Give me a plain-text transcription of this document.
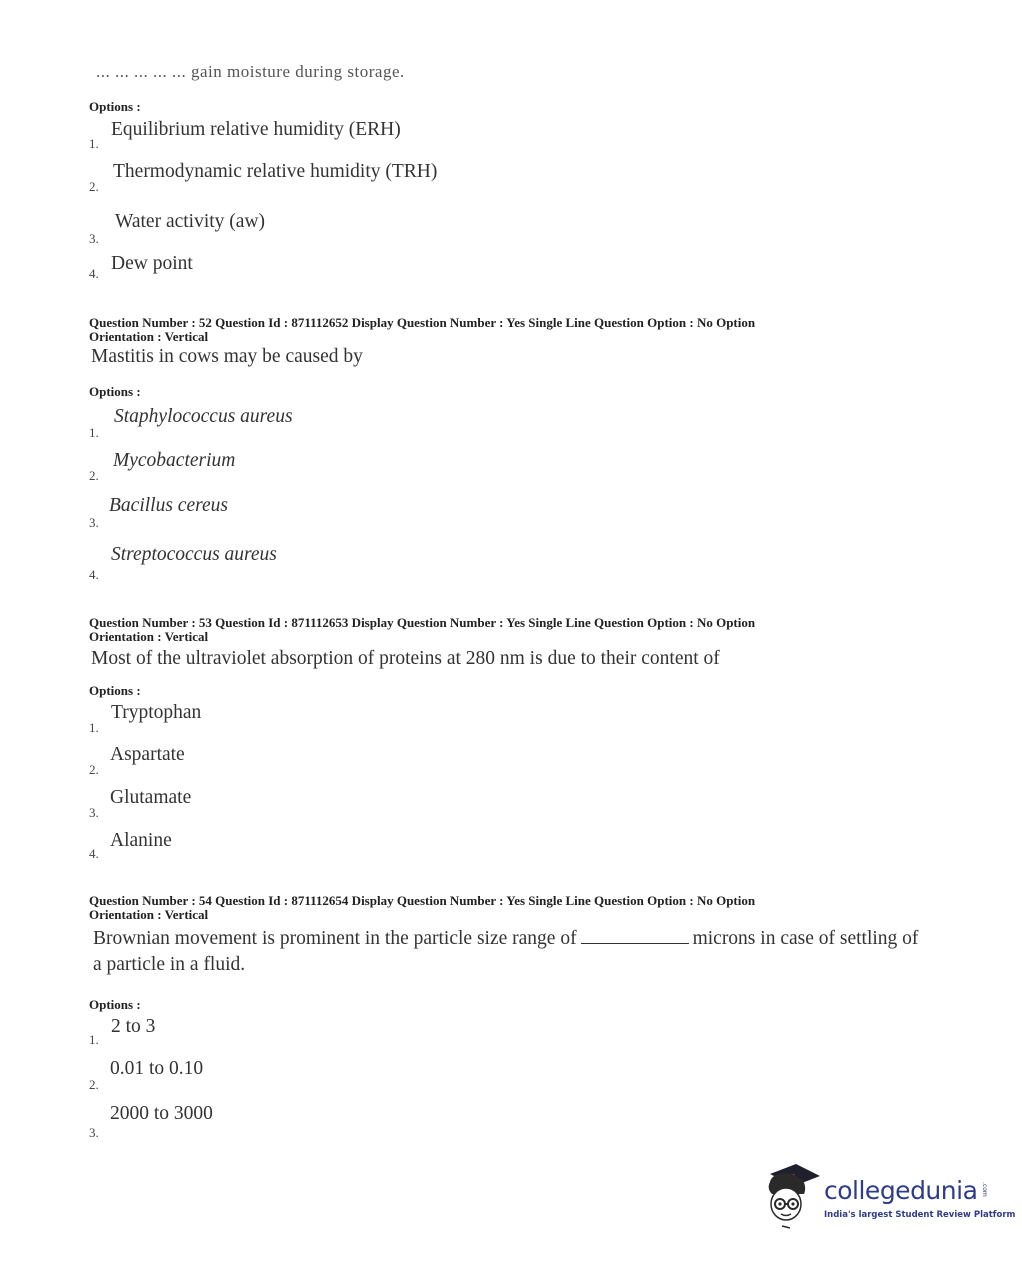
... ... ... ... ... gain moisture during storage.
Options :
1.
Equilibrium relative humidity (ERH)
2.
Thermodynamic relative humidity (TRH)
3.
Water activity (aw)
4. Dew point
Question Number : 52 Question Id : 871112652 Display Question Number : Yes Single Line Question Option : No Option
Orientation : Vertical
Mastitis in cows may be caused by
Options :
1.
Staphylococcus aureus
2.
Mycobacterium
3.
Bacillus cereus
4.
Streptococcus aureus
Question Number : 53 Question Id : 871112653 Display Question Number : Yes Single Line Question Option : No Option
Orientation : Vertical
Most of the ultraviolet absorption of proteins at 280 nm is due to their content of
Options :
1.
Tryptophan
2.
Aspartate
3.
Glutamate
4.
Alanine
Question Number : 54 Question Id : 871112654 Display Question Number : Yes Single Line Question Option : No Option
Orientation : Vertical
Brownian movement is prominent in the particle size range of	microns in case of settling of a particle in a fluid.
Options :
1.
2 to 3
2.
0.01 to 0.10
3.
2000 to 3000
collegedunia .com
India's largest Student Review Platform
